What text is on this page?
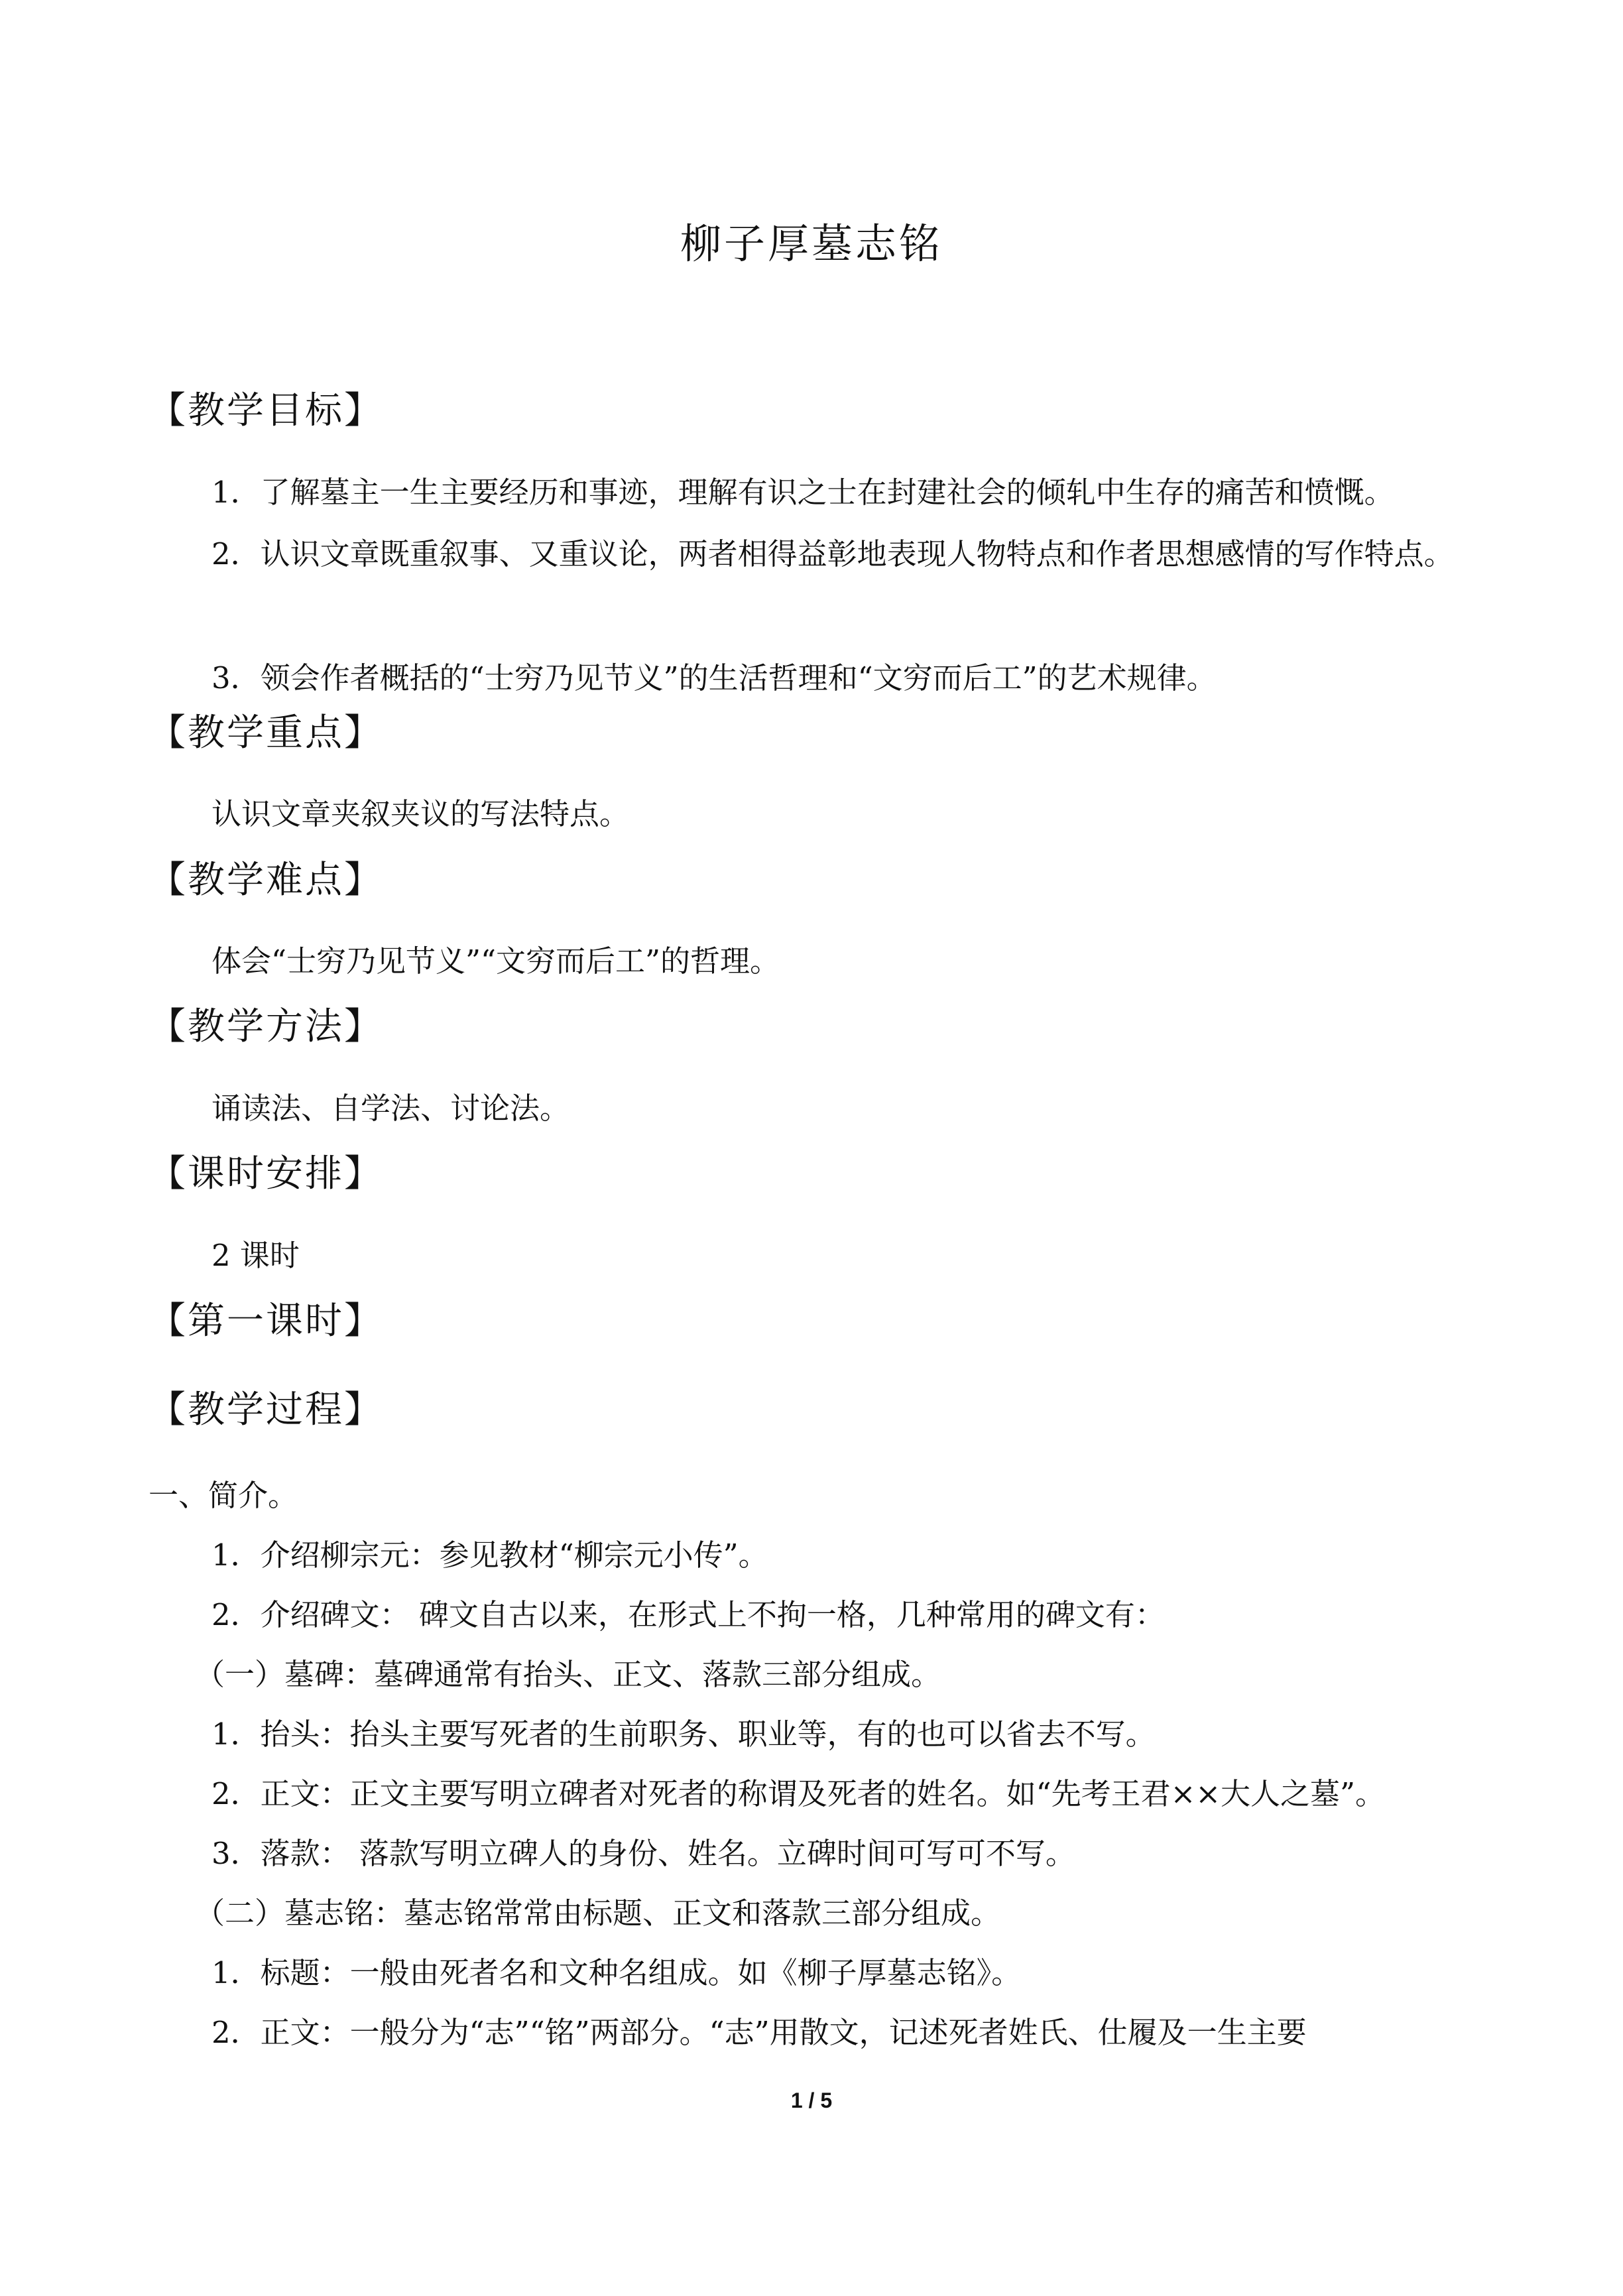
柳子厚墓志铭

【教学目标】

1．了解墓主一生主要经历和事迹，理解有识之士在封建社会的倾轧中生存的痛苦和愤慨。

2．认识文章既重叙事、又重议论，两者相得益彰地表现人物特点和作者思想感情的写作特点。

3．领会作者概括的“士穷乃见节义”的生活哲理和“文穷而后工”的艺术规律。

【教学重点】

认识文章夹叙夹议的写法特点。

【教学难点】

体会“士穷乃见节义”“文穷而后工”的哲理。

【教学方法】

诵读法、自学法、讨论法。

【课时安排】

2 课时

【第一课时】

【教学过程】

一、简介。

1．介绍柳宗元：参见教材“柳宗元小传”。

2．介绍碑文： 碑文自古以来，在形式上不拘一格，几种常用的碑文有：

（一）墓碑：墓碑通常有抬头、正文、落款三部分组成。

1．抬头：抬头主要写死者的生前职务、职业等，有的也可以省去不写。

2．正文：正文主要写明立碑者对死者的称谓及死者的姓名。如“先考王君××大人之墓”。

3．落款： 落款写明立碑人的身份、姓名。立碑时间可写可不写。

（二）墓志铭：墓志铭常常由标题、正文和落款三部分组成。

1．标题：一般由死者名和文种名组成。如《柳子厚墓志铭》。

2．正文：一般分为“志”“铭”两部分。“志”用散文，记述死者姓氏、仕履及一生主要

1 / 5
